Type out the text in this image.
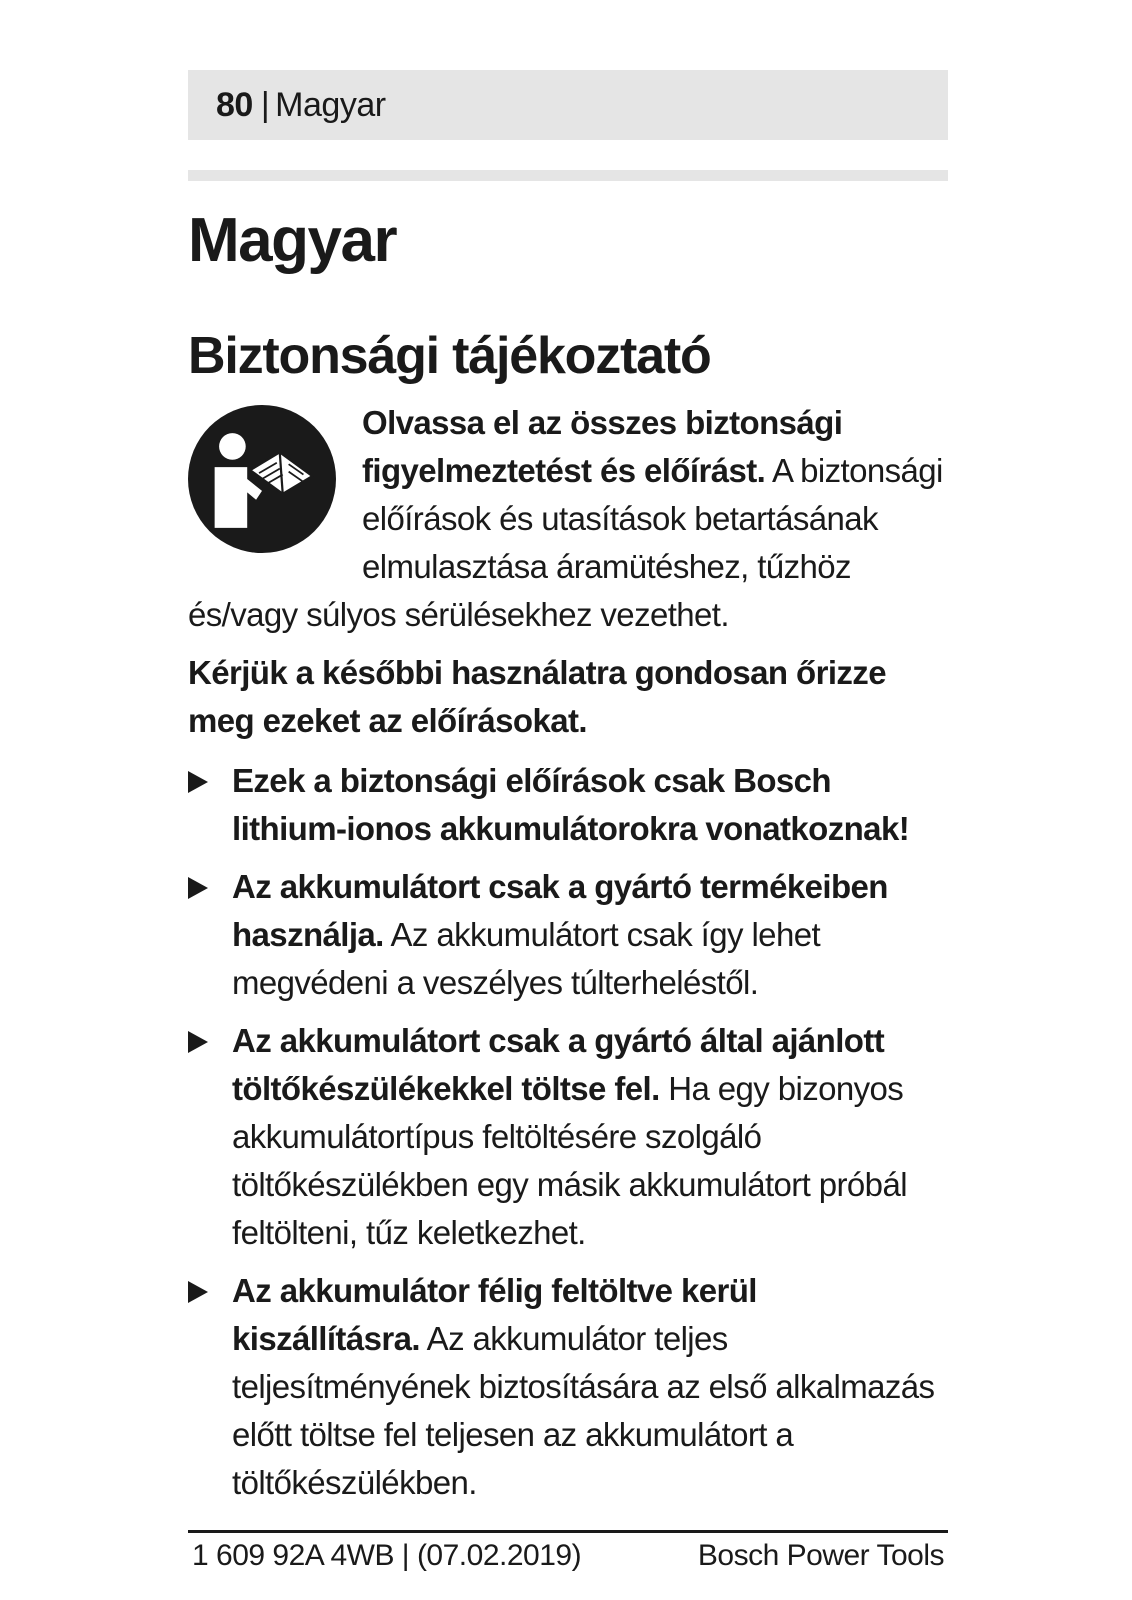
80 | Magyar
Magyar
Biztonsági tájékoztató
Olvassa el az összes biztonsági figyelmeztetést és előírást. A biztonsági előírások és utasítások betartásának elmulasztása áramütéshez, tűzhöz és/vagy súlyos sérülésekhez vezethet.
Kérjük a későbbi használatra gondosan őrizze meg ezeket az előírásokat.
Ezek a biztonsági előírások csak Bosch lithium-ionos akkumulátorokra vonatkoznak!
Az akkumulátort csak a gyártó termékeiben használja. Az akkumulátort csak így lehet megvédeni a veszélyes túlterheléstől.
Az akkumulátort csak a gyártó által ajánlott töltőkészülékekkel töltse fel. Ha egy bizonyos akkumulátortípus feltöltésére szolgáló töltőkészülékben egy másik akkumulátort próbál feltölteni, tűz keletkezhet.
Az akkumulátor félig feltöltve kerül kiszállításra. Az akkumulátor teljes teljesítményének biztosítására az első alkalmazás előtt töltse fel teljesen az akkumulátort a töltőkészülékben.
1 609 92A 4WB | (07.02.2019)	Bosch Power Tools
